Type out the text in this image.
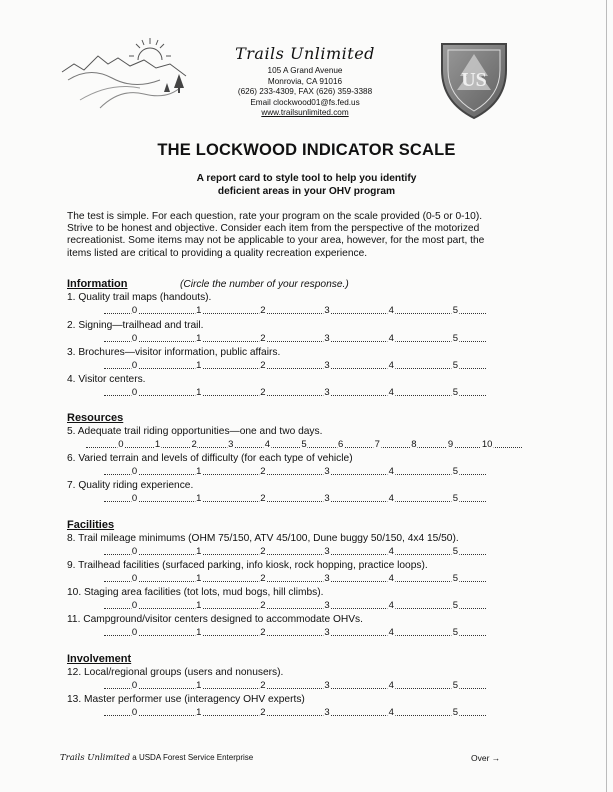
Trails Unlimited
105 A Grand Avenue
Monrovia, CA 91016
(626) 233-4309, FAX (626) 359-3388
Email clockwood01@fs.fed.us
www.trailsunlimited.com
US
THE LOCKWOOD INDICATOR SCALE
A report card to style tool to help you identify
deficient areas in your OHV program
The test is simple. For each question, rate your program on the scale provided (0-5 or 0-10).
Strive to be honest and objective. Consider each item from the perspective of the motorized
recreationist. Some items may not be applicable to your area, however, for the most part, the
items listed are critical to providing a quality recreation experience.
Information	(Circle the number of your response.)
1. Quality trail maps (handouts).
0	1	2	3	4	5
2. Signing—trailhead and trail.
0	1	2	3	4	5
3. Brochures—visitor information, public affairs.
0	1	2	3	4	5
4. Visitor centers.
0	1	2	3	4	5
Resources
5. Adequate trail riding opportunities—one and two days.
0	1	2	3	4	5	6	7	8	9	10
6. Varied terrain and levels of difficulty (for each type of vehicle)
0	1	2	3	4	5
7. Quality riding experience.
0	1	2	3	4	5
Facilities
8. Trail mileage minimums (OHM 75/150, ATV 45/100, Dune buggy 50/150, 4x4 15/50).
0	1	2	3	4	5
9. Trailhead facilities (surfaced parking, info kiosk, rock hopping, practice loops).
0	1	2	3	4	5
10. Staging area facilities (tot lots, mud bogs, hill climbs).
0	1	2	3	4	5
11. Campground/visitor centers designed to accommodate OHVs.
0	1	2	3	4	5
Involvement
12. Local/regional groups (users and nonusers).
0	1	2	3	4	5
13. Master performer use (interagency OHV experts)
0	1	2	3	4	5
Trails Unlimited a USDA Forest Service Enterprise	Over →
